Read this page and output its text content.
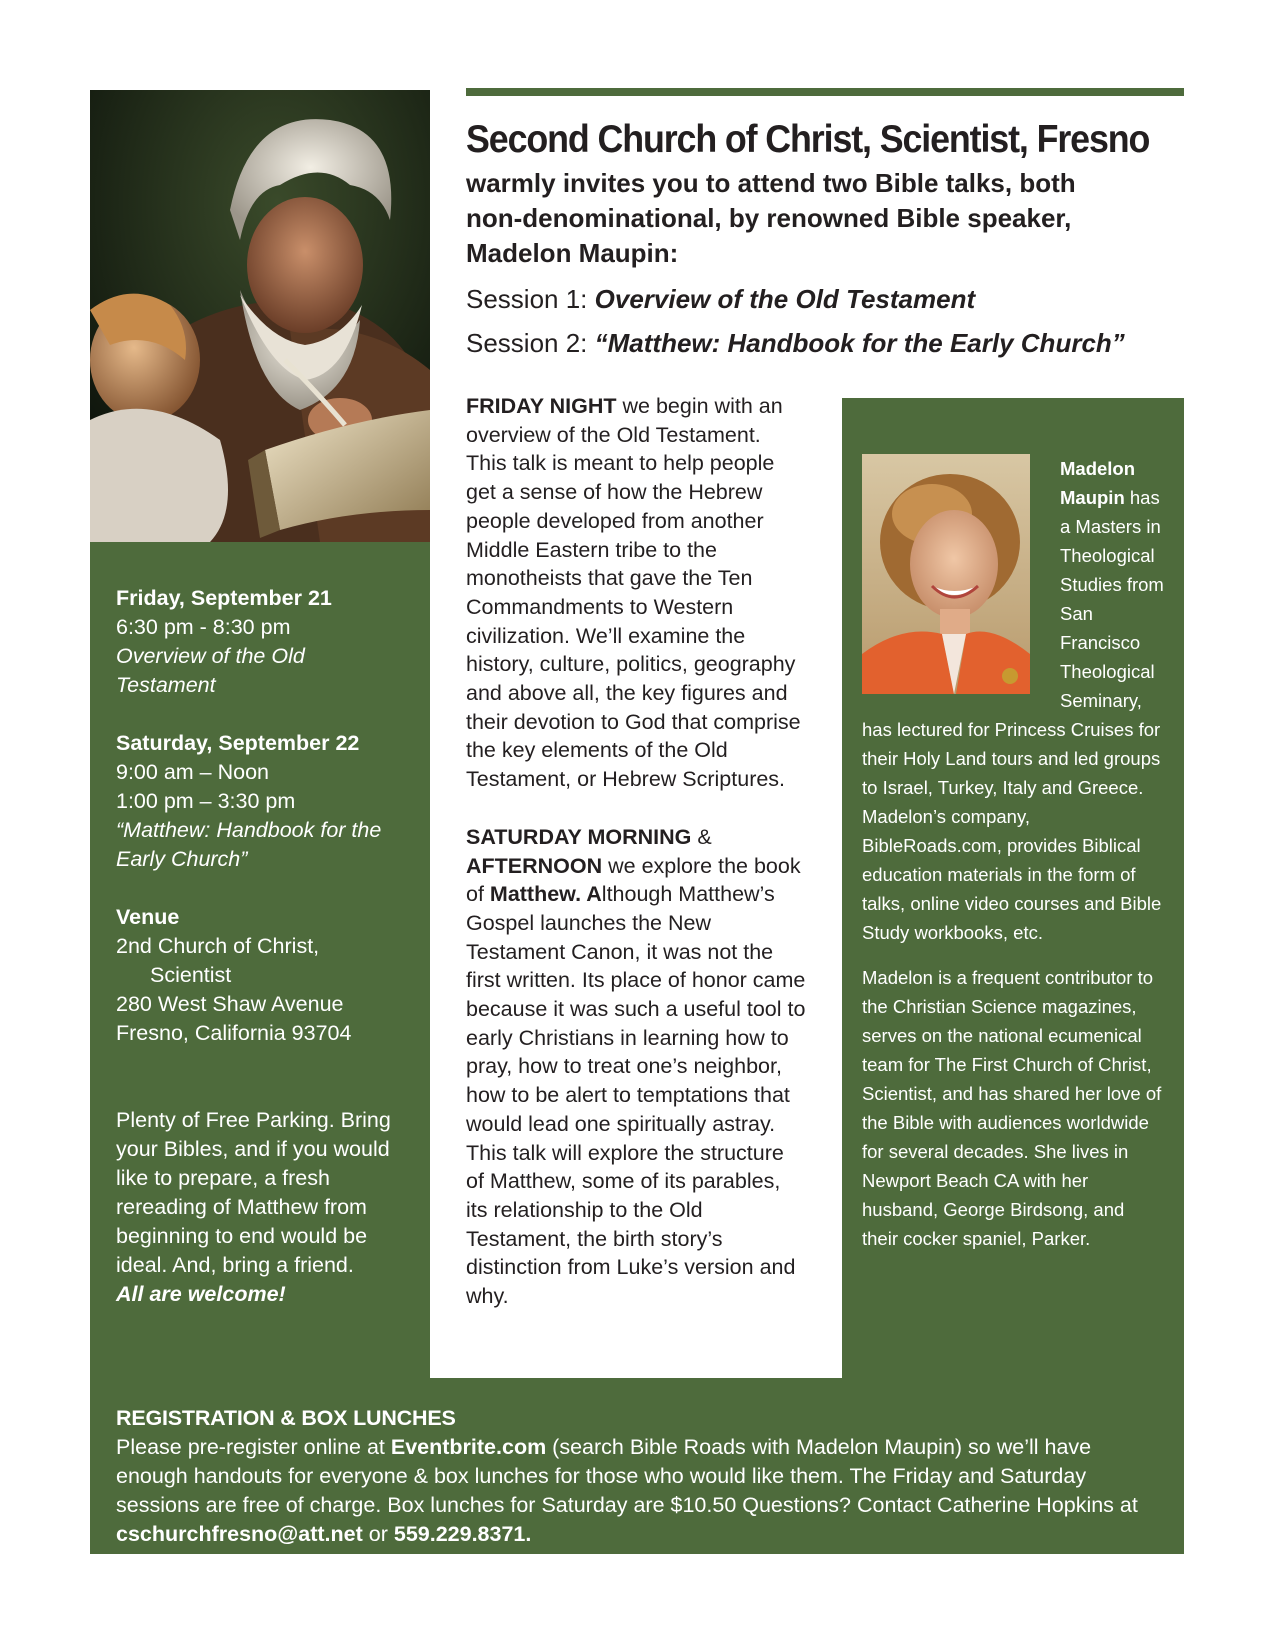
Friday, September 21
6:30 pm - 8:30 pm
Overview of the Old Testament
Saturday, September 22
9:00 am – Noon
1:00 pm – 3:30 pm
“Matthew: Handbook for the Early Church”
Venue
2nd Church of Christ,
Scientist
280 West Shaw Avenue
Fresno, California 93704
Plenty of Free Parking. Bring your Bibles, and if you would like to prepare, a fresh rereading of Matthew from beginning to end would be ideal. And, bring a friend.
All are welcome!
Second Church of Christ, Scientist, Fresno
warmly invites you to attend two Bible talks, both non-denominational, by renowned Bible speaker, Madelon Maupin:
Session 1: Overview of the Old Testament
Session 2: “Matthew: Handbook for the Early Church”
FRIDAY NIGHT we begin with an overview of the Old Testament. This talk is meant to help people get a sense of how the Hebrew people developed from another Middle Eastern tribe to the monotheists that gave the Ten Commandments to Western civilization. We’ll examine the history, culture, politics, geography and above all, the key figures and their devotion to God that comprise the key elements of the Old Testament, or Hebrew Scriptures.
SATURDAY MORNING & AFTERNOON we explore the book of Matthew. Although Matthew’s Gospel launches the New Testament Canon, it was not the first written. Its place of honor came because it was such a useful tool to early Christians in learning how to pray, how to treat one’s neighbor, how to be alert to temptations that would lead one spiritually astray. This talk will explore the structure of Matthew, some of its parables, its relationship to the Old Testament, the birth story’s distinction from Luke’s version and why.
Madelon Maupin has a Masters in Theological Studies from San Francisco Theological Seminary, has lectured for Princess Cruises for their Holy Land tours and led groups to Israel, Turkey, Italy and Greece. Madelon’s company, BibleRoads.com, provides Biblical education materials in the form of talks, online video courses and Bible Study workbooks, etc.
Madelon is a frequent contributor to the Christian Science magazines, serves on the national ecumenical team for The First Church of Christ, Scientist, and has shared her love of the Bible with audiences worldwide for several decades. She lives in Newport Beach CA with her husband, George Birdsong, and their cocker spaniel, Parker.
REGISTRATION & BOX LUNCHES
Please pre-register online at Eventbrite.com (search Bible Roads with Madelon Maupin) so we’ll have enough handouts for everyone & box lunches for those who would like them. The Friday and Saturday sessions are free of charge. Box lunches for Saturday are $10.50 Questions? Contact Catherine Hopkins at cschurchfresno@att.net or 559.229.8371.
